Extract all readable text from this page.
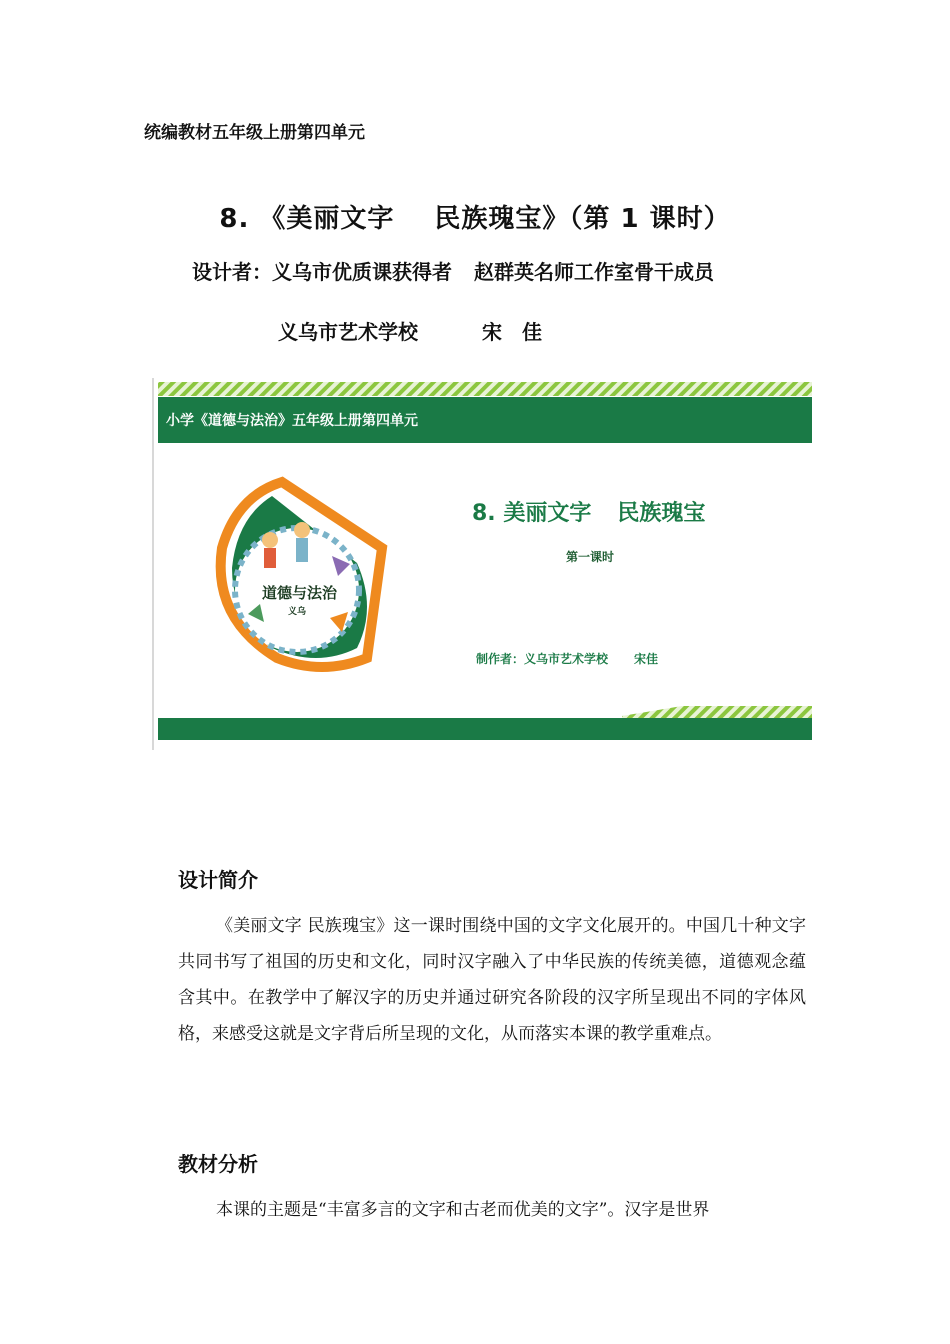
统编教材五年级上册第四单元
8. 《美丽文字 民族瑰宝》（第 1 课时）
设计者：义乌市优质课获得者 赵群英名师工作室骨干成员
义乌市艺术学校	宋　佳
小学《道德与法治》五年级上册第四单元
道德与法治
义乌
8. 美丽文字 民族瑰宝
第一课时
制作者：义乌市艺术学校 宋佳
设计简介
《美丽文字 民族瑰宝》这一课时围绕中国的文字文化展开的。中国几十种文字共同书写了祖国的历史和文化，同时汉字融入了中华民族的传统美德，道德观念蕴含其中。在教学中了解汉字的历史并通过研究各阶段的汉字所呈现出不同的字体风格，来感受这就是文字背后所呈现的文化，从而落实本课的教学重难点。
教材分析
本课的主题是“丰富多言的文字和古老而优美的文字”。汉字是世界
